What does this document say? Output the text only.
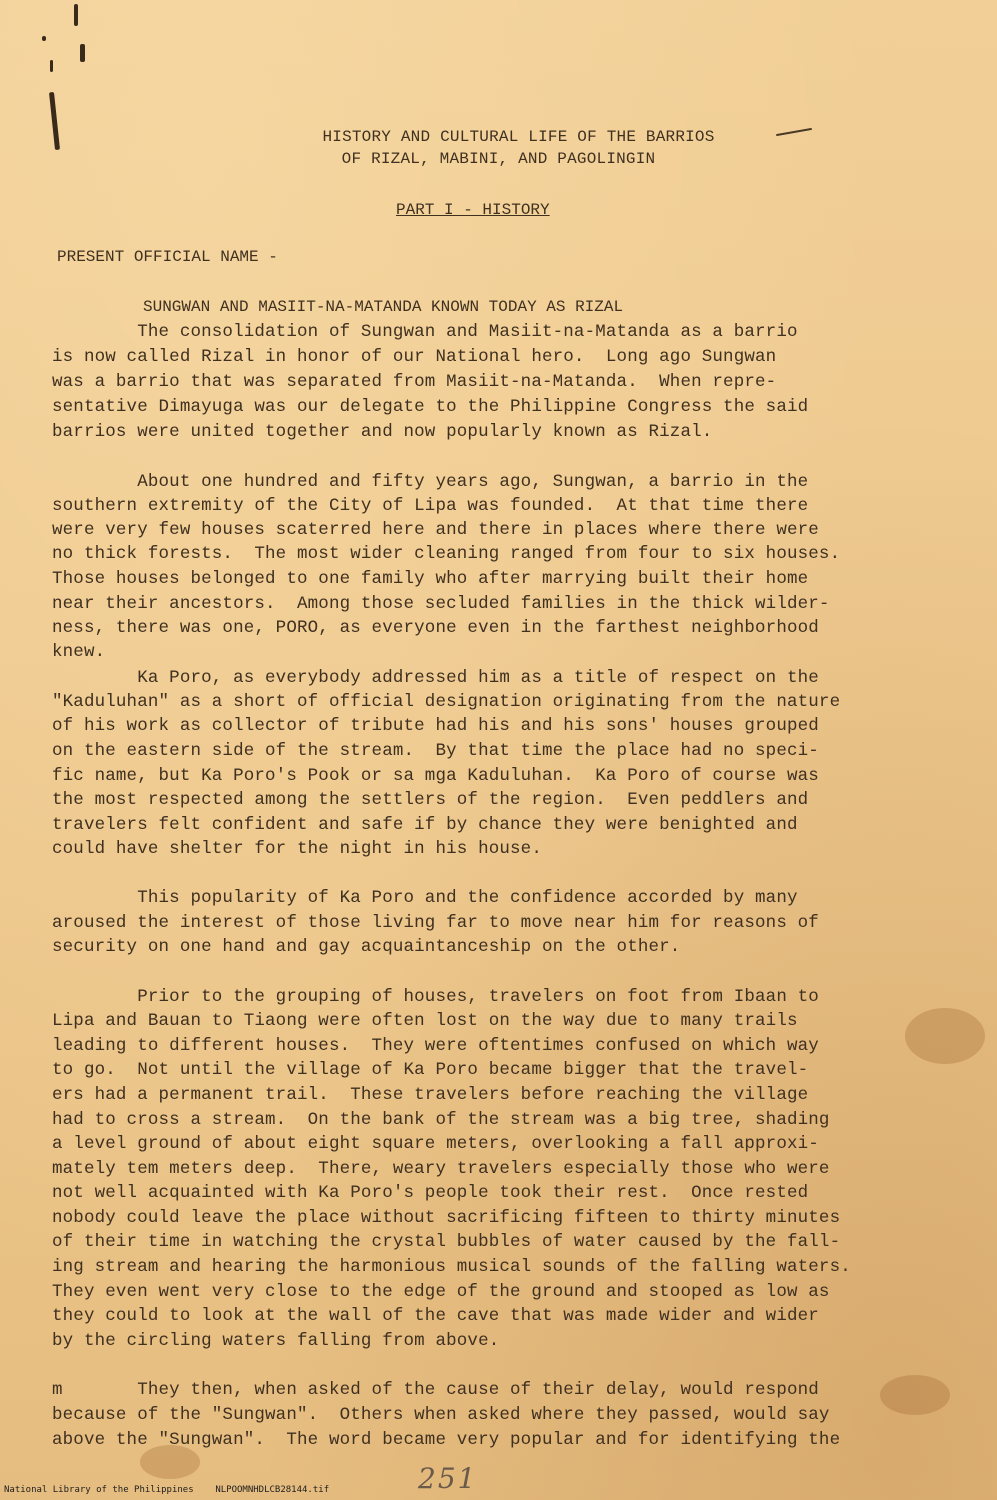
HISTORY AND CULTURAL LIFE OF THE BARRIOS
OF RIZAL, MABINI, AND PAGOLINGIN
PART I - HISTORY
PRESENT OFFICIAL NAME -
SUNGWAN AND MASIIT-NA-MATANDA KNOWN TODAY AS RIZAL
The consolidation of Sungwan and Masiit-na-Matanda as a barrio
is now called Rizal in honor of our National hero.  Long ago Sungwan
was a barrio that was separated from Masiit-na-Matanda.  When repre-
sentative Dimayuga was our delegate to the Philippine Congress the said
barrios were united together and now popularly known as Rizal.
About one hundred and fifty years ago, Sungwan, a barrio in the
southern extremity of the City of Lipa was founded.  At that time there
were very few houses scaterred here and there in places where there were
no thick forests.  The most wider cleaning ranged from four to six houses.
Those houses belonged to one family who after marrying built their home
near their ancestors.  Among those secluded families in the thick wilder-
ness, there was one, PORO, as everyone even in the farthest neighborhood
knew.
Ka Poro, as everybody addressed him as a title of respect on the
"Kaduluhan" as a short of official designation originating from the nature
of his work as collector of tribute had his and his sons' houses grouped
on the eastern side of the stream.  By that time the place had no speci-
fic name, but Ka Poro's Pook or sa mga Kaduluhan.  Ka Poro of course was
the most respected among the settlers of the region.  Even peddlers and
travelers felt confident and safe if by chance they were benighted and
could have shelter for the night in his house.
This popularity of Ka Poro and the confidence accorded by many
aroused the interest of those living far to move near him for reasons of
security on one hand and gay acquaintanceship on the other.
Prior to the grouping of houses, travelers on foot from Ibaan to
Lipa and Bauan to Tiaong were often lost on the way due to many trails
leading to different houses.  They were oftentimes confused on which way
to go.  Not until the village of Ka Poro became bigger that the travel-
ers had a permanent trail.  These travelers before reaching the village
had to cross a stream.  On the bank of the stream was a big tree, shading
a level ground of about eight square meters, overlooking a fall approxi-
mately tem meters deep.  There, weary travelers especially those who were
not well acquainted with Ka Poro's people took their rest.  Once rested
nobody could leave the place without sacrificing fifteen to thirty minutes
of their time in watching the crystal bubbles of water caused by the fall-
ing stream and hearing the harmonious musical sounds of the falling waters.
They even went very close to the edge of the ground and stooped as low as
they could to look at the wall of the cave that was made wider and wider
by the circling waters falling from above.
m       They then, when asked of the cause of their delay, would respond
because of the "Sungwan".  Others when asked where they passed, would say
above the "Sungwan".  The word became very popular and for identifying the
251
National Library of the Philippines    NLPOOMNHDLCB28144.tif
